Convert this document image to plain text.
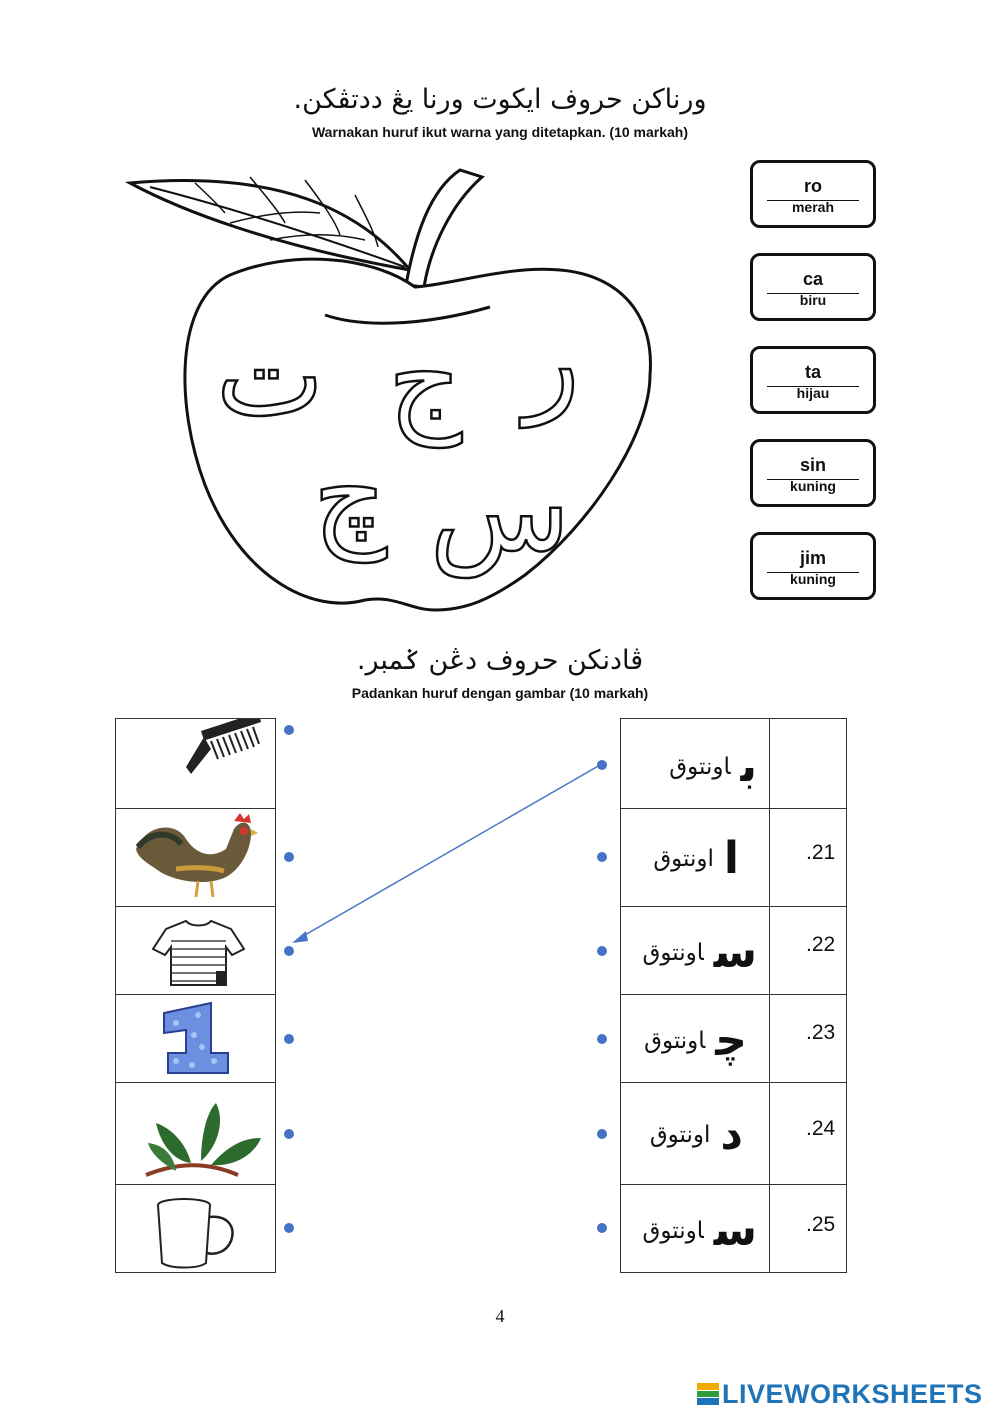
ورناکن حروف ايکوت ورنا يڠ ددتڤکن.
Warnakan huruf ikut warna yang ditetapkan. (10 markah)
ر
ج
ت
س
چ
ro
merah
ca
biru
ta
hijau
sin
kuning
jim
kuning
ڤادنکن حروف دڠن ݢمبر.
Padankan huruf dengan gambar (10 markah)
باونتوق
ااونتوق	.21
ساونتوق	.22
چاونتوق	.23
داونتوق	.24
ساونتوق	.25
4
LIVEWORKSHEETS
